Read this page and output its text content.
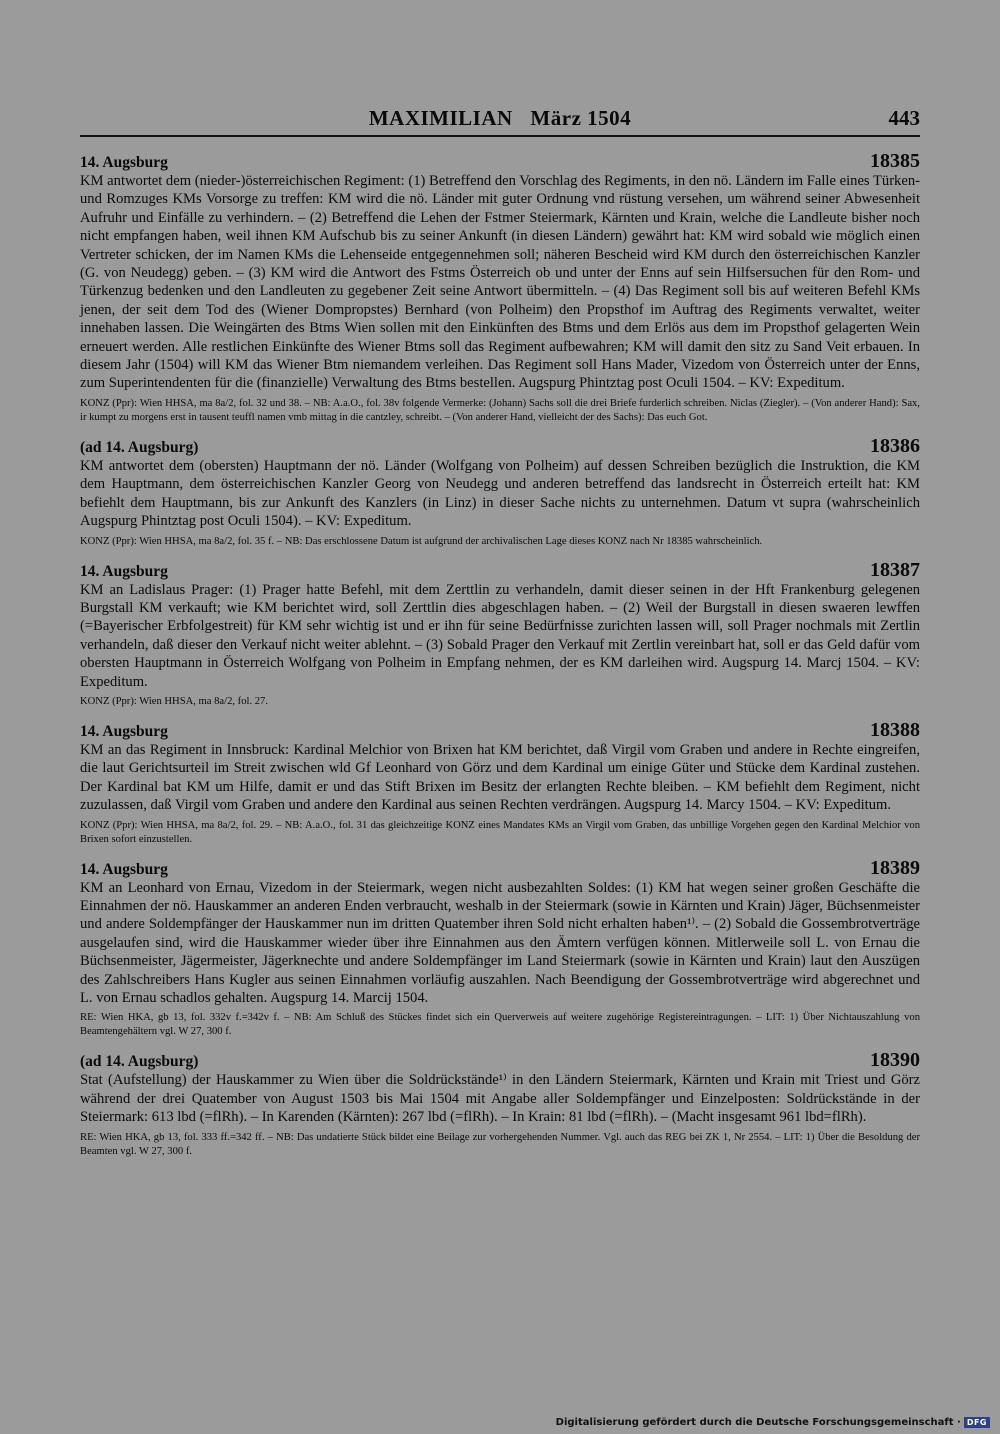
MAXIMILIAN März 1504	443
14. Augsburg	18385

KM antwortet dem (nieder-)österreichischen Regiment: (1) Betreffend den Vorschlag des Regiments, in den nö. Ländern im Falle eines Türken- und Romzuges KMs Vorsorge zu treffen: KM wird die nö. Länder mit guter Ordnung vnd rüstung versehen, um während seiner Abwesenheit Aufruhr und Einfälle zu verhindern. – (2) Betreffend die Lehen der Fstmer Steiermark, Kärnten und Krain, welche die Landleute bisher noch nicht empfangen haben, weil ihnen KM Aufschub bis zu seiner Ankunft (in diesen Ländern) gewährt hat: KM wird sobald wie möglich einen Vertreter schicken, der im Namen KMs die Lehenseide entgegennehmen soll; näheren Bescheid wird KM durch den österreichischen Kanzler (G. von Neudegg) geben. – (3) KM wird die Antwort des Fstms Österreich ob und unter der Enns auf sein Hilfsersuchen für den Rom- und Türkenzug bedenken und den Landleuten zu gegebener Zeit seine Antwort übermitteln. – (4) Das Regiment soll bis auf weiteren Befehl KMs jenen, der seit dem Tod des (Wiener Dompropstes) Bernhard (von Polheim) den Propsthof im Auftrag des Regiments verwaltet, weiter innehaben lassen. Die Weingärten des Btms Wien sollen mit den Einkünften des Btms und dem Erlös aus dem im Propsthof gelagerten Wein erneuert werden. Alle restlichen Einkünfte des Wiener Btms soll das Regiment aufbewahren; KM will damit den sitz zu Sand Veit erbauen. In diesem Jahr (1504) will KM das Wiener Btm niemandem verleihen. Das Regiment soll Hans Mader, Vizedom von Österreich unter der Enns, zum Superintendenten für die (finanzielle) Verwaltung des Btms bestellen. Augspurg Phintztag post Oculi 1504. – KV: Expeditum.

KONZ (Ppr): Wien HHSA, ma 8a/2, fol. 32 und 38. – NB: A.a.O., fol. 38v folgende Vermerke: (Johann) Sachs soll die drei Briefe furderlich schreiben. Niclas (Ziegler). – (Von anderer Hand): Sax, ir kumpt zu morgens erst in tausent teuffl namen vmb mittag in die cantzley, schreibt. – (Von anderer Hand, vielleicht der des Sachs): Das euch Got.

(ad 14. Augsburg)	18386

KM antwortet dem (obersten) Hauptmann der nö. Länder (Wolfgang von Polheim) auf dessen Schreiben bezüglich die Instruktion, die KM dem Hauptmann, dem österreichischen Kanzler Georg von Neudegg und anderen betreffend das landsrecht in Österreich erteilt hat: KM befiehlt dem Hauptmann, bis zur Ankunft des Kanzlers (in Linz) in dieser Sache nichts zu unternehmen. Datum vt supra (wahrscheinlich Augspurg Phintztag post Oculi 1504). – KV: Expeditum.

KONZ (Ppr): Wien HHSA, ma 8a/2, fol. 35 f. – NB: Das erschlossene Datum ist aufgrund der archivalischen Lage dieses KONZ nach Nr 18385 wahrscheinlich.

14. Augsburg	18387

KM an Ladislaus Prager: (1) Prager hatte Befehl, mit dem Zerttlin zu verhandeln, damit dieser seinen in der Hft Frankenburg gelegenen Burgstall KM verkauft; wie KM berichtet wird, soll Zerttlin dies abgeschlagen haben. – (2) Weil der Burgstall in diesen swaeren lewffen (=Bayerischer Erbfolgestreit) für KM sehr wichtig ist und er ihn für seine Bedürfnisse zurichten lassen will, soll Prager nochmals mit Zertlin verhandeln, daß dieser den Verkauf nicht weiter ablehnt. – (3) Sobald Prager den Verkauf mit Zertlin vereinbart hat, soll er das Geld dafür vom obersten Hauptmann in Österreich Wolfgang von Polheim in Empfang nehmen, der es KM darleihen wird. Augspurg 14. Marcj 1504. – KV: Expeditum.

KONZ (Ppr): Wien HHSA, ma 8a/2, fol. 27.

14. Augsburg	18388

KM an das Regiment in Innsbruck: Kardinal Melchior von Brixen hat KM berichtet, daß Virgil vom Graben und andere in Rechte eingreifen, die laut Gerichtsurteil im Streit zwischen wld Gf Leonhard von Görz und dem Kardinal um einige Güter und Stücke dem Kardinal zustehen. Der Kardinal bat KM um Hilfe, damit er und das Stift Brixen im Besitz der erlangten Rechte bleiben. – KM befiehlt dem Regiment, nicht zuzulassen, daß Virgil vom Graben und andere den Kardinal aus seinen Rechten verdrängen. Augspurg 14. Marcy 1504. – KV: Expeditum.

KONZ (Ppr): Wien HHSA, ma 8a/2, fol. 29. – NB: A.a.O., fol. 31 das gleichzeitige KONZ eines Mandates KMs an Virgil vom Graben, das unbillige Vorgehen gegen den Kardinal Melchior von Brixen sofort einzustellen.

14. Augsburg	18389

KM an Leonhard von Ernau, Vizedom in der Steiermark, wegen nicht ausbezahlten Soldes: (1) KM hat wegen seiner großen Geschäfte die Einnahmen der nö. Hauskammer an anderen Enden verbraucht, weshalb in der Steiermark (sowie in Kärnten und Krain) Jäger, Büchsenmeister und andere Soldempfänger der Hauskammer nun im dritten Quatember ihren Sold nicht erhalten haben¹⁾. – (2) Sobald die Gossembrotverträge ausgelaufen sind, wird die Hauskammer wieder über ihre Einnahmen aus den Ämtern verfügen können. Mitlerweile soll L. von Ernau die Büchsenmeister, Jägermeister, Jägerknechte und andere Soldempfänger im Land Steiermark (sowie in Kärnten und Krain) laut den Auszügen des Zahlschreibers Hans Kugler aus seinen Einnahmen vorläufig auszahlen. Nach Beendigung der Gossembrotverträge wird abgerechnet und L. von Ernau schadlos gehalten. Augspurg 14. Marcij 1504.

RE: Wien HKA, gb 13, fol. 332v f.=342v f. – NB: Am Schluß des Stückes findet sich ein Querverweis auf weitere zugehörige Registereintragungen. – LIT: 1) Über Nichtauszahlung von Beamtengehältern vgl. W 27, 300 f.

(ad 14. Augsburg)	18390

Stat (Aufstellung) der Hauskammer zu Wien über die Soldrückstände¹⁾ in den Ländern Steiermark, Kärnten und Krain mit Triest und Görz während der drei Quatember von August 1503 bis Mai 1504 mit Angabe aller Soldempfänger und Einzelposten: Soldrückstände in der Steiermark: 613 lbd (=flRh). – In Karenden (Kärnten): 267 lbd (=flRh). – In Krain: 81 lbd (=flRh). – (Macht insgesamt 961 lbd=flRh).

RE: Wien HKA, gb 13, fol. 333 ff.=342 ff. – NB: Das undatierte Stück bildet eine Beilage zur vorhergehenden Nummer. Vgl. auch das REG bei ZK 1, Nr 2554. – LIT: 1) Über die Besoldung der Beamten vgl. W 27, 300 f.

Digitalisierung gefördert durch die Deutsche Forschungsgemeinschaft · DFG
